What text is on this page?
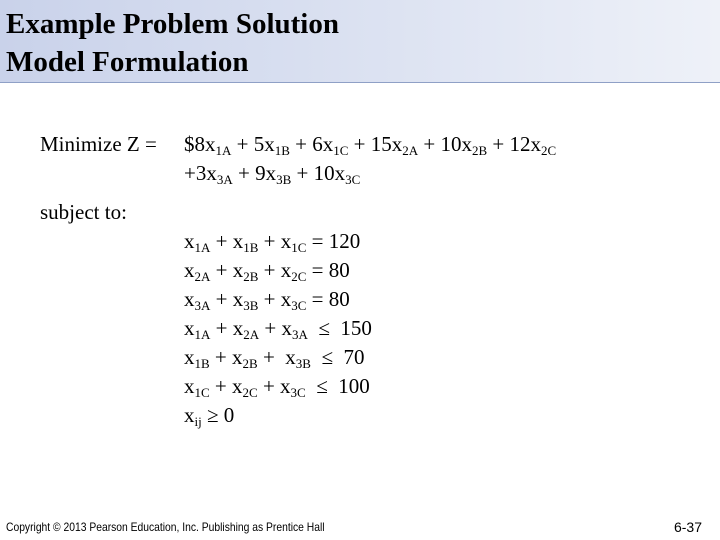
Example Problem Solution
Model Formulation
Minimize $Z = \$8x_{1A} + 5x_{1B} + 6x_{1C} + 15x_{2A} + 10x_{2B} + 12x_{2C}$
$+3x_{3A} + 9x_{3B} + 10x_{3C}$
subject to:
$x_{1A} + x_{1B} + x_{1C} = 120$
$x_{2A} + x_{2B} + x_{2C} = 80$
$x_{3A} + x_{3B} + x_{3C} = 80$
$x_{1A} + x_{2A} + x_{3A} \le 150$
$x_{1B} + x_{2B} + x_{3B} \le 70$
$x_{1C} + x_{2C} + x_{3C} \le 100$
$x_{ij} \ge 0$
Copyright © 2013 Pearson Education, Inc. Publishing as Prentice Hall	6-37
